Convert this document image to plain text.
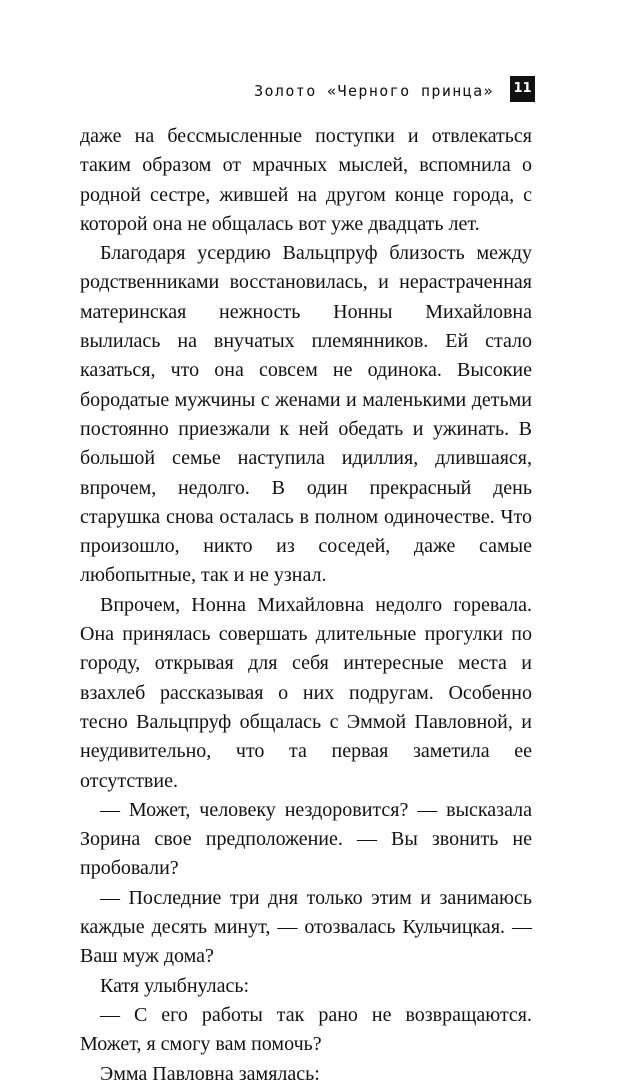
Золото «Черного принца» 11

даже на бессмысленные поступки и отвлекаться таким образом от мрачных мыслей, вспомнила о родной сестре, жившей на другом конце города, с которой она не общалась вот уже двадцать лет.

Благодаря усердию Вальцпруф близость между родственниками восстановилась, и нерастраченная материнская нежность Нонны Михайловна вылилась на внучатых племянников. Ей стало казаться, что она совсем не одинока. Высокие бородатые мужчины с женами и маленькими детьми постоянно приезжали к ней обедать и ужинать. В большой семье наступила идиллия, длившаяся, впрочем, недолго. В один прекрасный день старушка снова осталась в полном одиночестве. Что произошло, никто из соседей, даже самые любопытные, так и не узнал.

Впрочем, Нонна Михайловна недолго горевала. Она принялась совершать длительные прогулки по городу, открывая для себя интересные места и взахлеб рассказывая о них подругам. Особенно тесно Вальцпруф общалась с Эммой Павловной, и неудивительно, что та первая заметила ее отсутствие.

— Может, человеку нездоровится? — высказала Зорина свое предположение. — Вы звонить не пробовали?

— Последние три дня только этим и занимаюсь каждые десять минут, — отозвалась Кульчицкая. — Ваш муж дома?

Катя улыбнулась:

— С его работы так рано не возвращаются. Может, я смогу вам помочь?

Эмма Павловна замялась:
